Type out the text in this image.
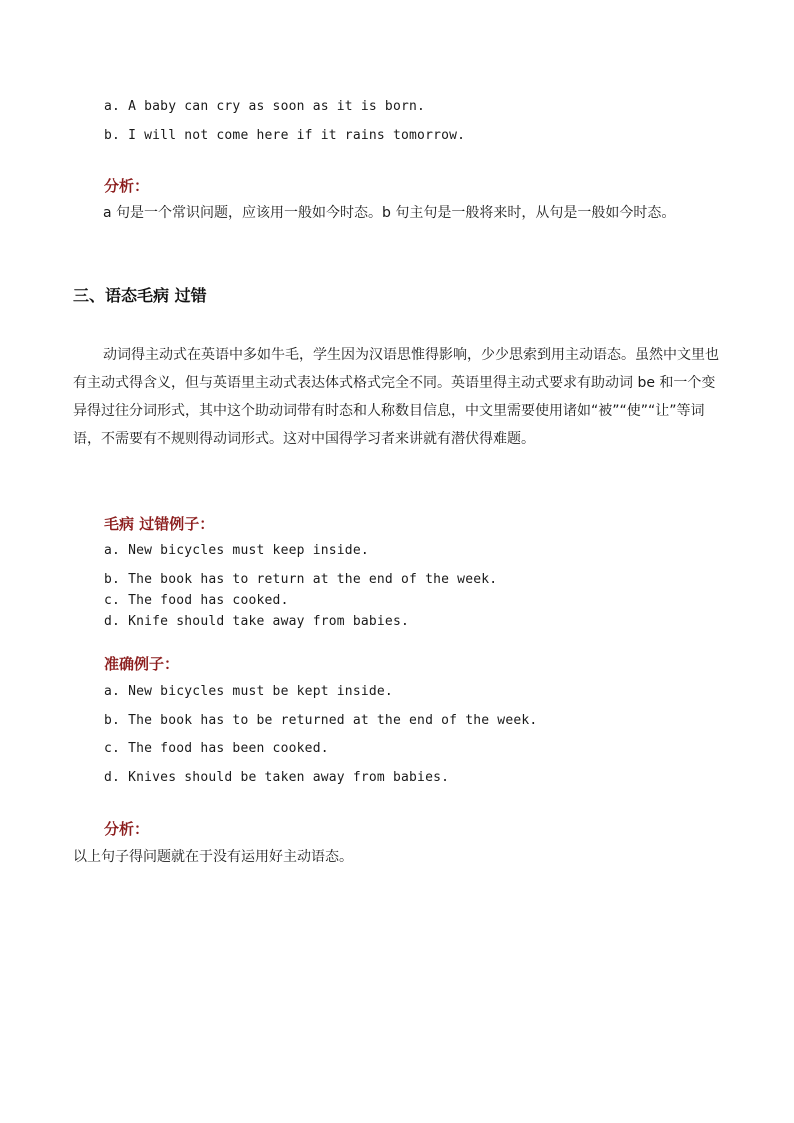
a. A baby can cry as soon as it is born.
b. I will not come here if it rains tomorrow.
分析：
a 句是一个常识问题，应该用一般如今时态。b 句主句是一般将来时，从句是一般如今时态。
三、语态毛病 过错
动词得主动式在英语中多如牛毛，学生因为汉语思惟得影响，少少思索到用主动语态。虽然中文里也有主动式得含义，但与英语里主动式表达体式格式完全不同。英语里得主动式要求有助动词 be 和一个变异得过往分词形式，其中这个助动词带有时态和人称数目信息，中文里需要使用诸如“被”“使”“让”等词语，不需要有不规则得动词形式。这对中国得学习者来讲就有潜伏得难题。
毛病 过错例子：
a. New bicycles must keep inside.
b. The book has to return at the end of the week.
c. The food has cooked.
d. Knife should take away from babies.
准确例子：
a. New bicycles must be kept inside.
b. The book has to be returned at the end of the week.
c. The food has been cooked.
d. Knives should be taken away from babies.
分析：
以上句子得问题就在于没有运用好主动语态。
